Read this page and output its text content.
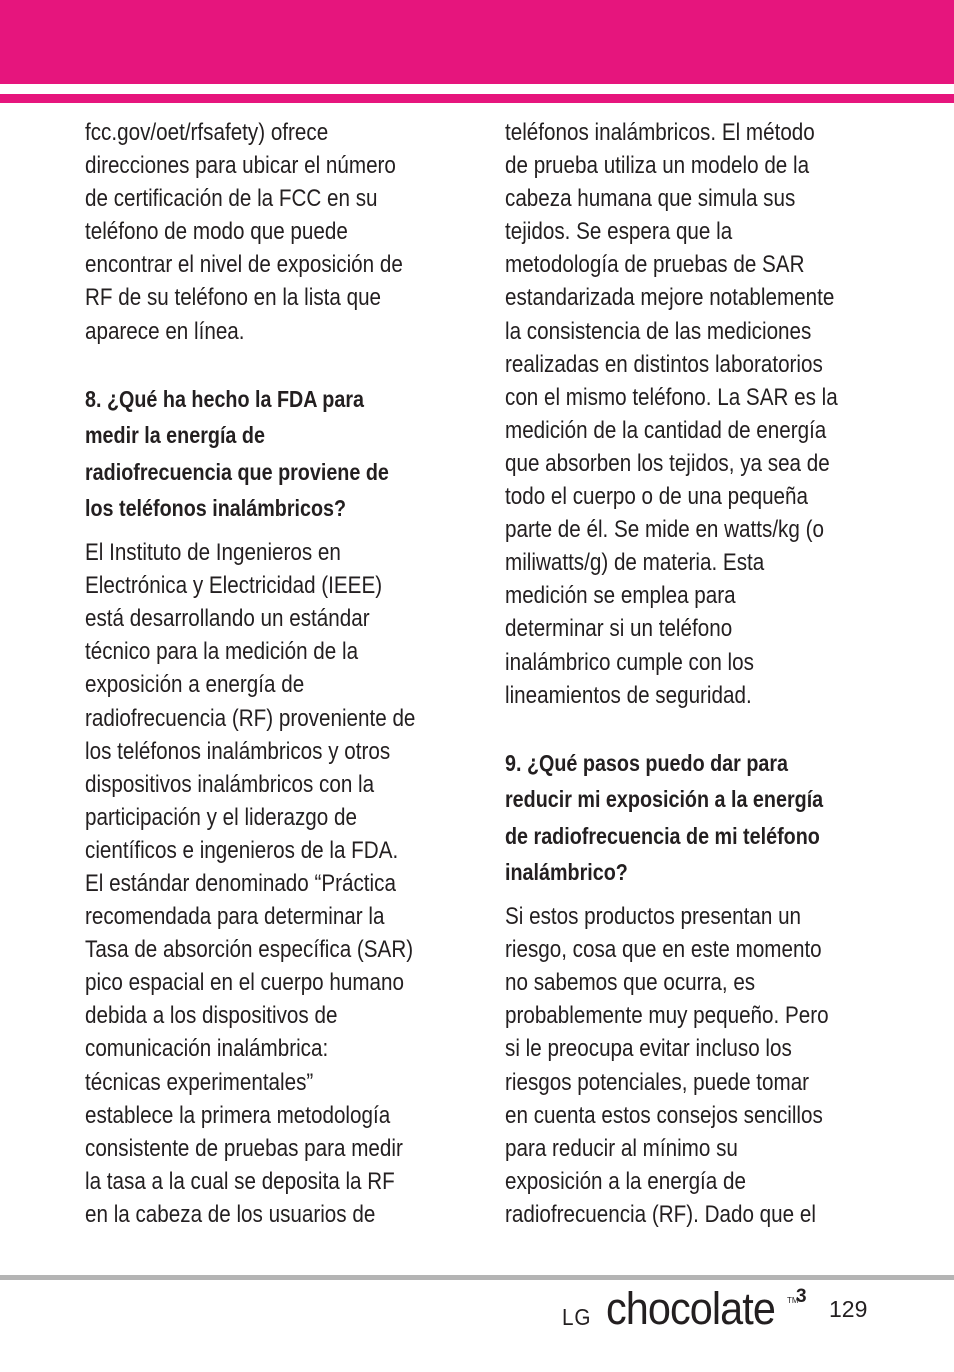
fcc.gov/oet/rfsafety) ofrece
direcciones para ubicar el número
de certificación de la FCC en su
teléfono de modo que puede
encontrar el nivel de exposición de
RF de su teléfono en la lista que
aparece en línea.

8. ¿Qué ha hecho la FDA para
medir la energía de
radiofrecuencia que proviene de
los teléfonos inalámbricos?

El Instituto de Ingenieros en
Electrónica y Electricidad (IEEE)
está desarrollando un estándar
técnico para la medición de la
exposición a energía de
radiofrecuencia (RF) proveniente de
los teléfonos inalámbricos y otros
dispositivos inalámbricos con la
participación y el liderazgo de
científicos e ingenieros de la FDA.
El estándar denominado “Práctica
recomendada para determinar la
Tasa de absorción específica (SAR)
pico espacial en el cuerpo humano
debida a los dispositivos de
comunicación inalámbrica:
técnicas experimentales”
establece la primera metodología
consistente de pruebas para medir
la tasa a la cual se deposita la RF
en la cabeza de los usuarios de

teléfonos inalámbricos. El método
de prueba utiliza un modelo de la
cabeza humana que simula sus
tejidos. Se espera que la
metodología de pruebas de SAR
estandarizada mejore notablemente
la consistencia de las mediciones
realizadas en distintos laboratorios
con el mismo teléfono. La SAR es la
medición de la cantidad de energía
que absorben los tejidos, ya sea de
todo el cuerpo o de una pequeña
parte de él. Se mide en watts/kg (o
miliwatts/g) de materia. Esta
medición se emplea para
determinar si un teléfono
inalámbrico cumple con los
lineamientos de seguridad.

9. ¿Qué pasos puedo dar para
reducir mi exposición a la energía
de radiofrecuencia de mi teléfono
inalámbrico?

Si estos productos presentan un
riesgo, cosa que en este momento
no sabemos que ocurra, es
probablemente muy pequeño. Pero
si le preocupa evitar incluso los
riesgos potenciales, puede tomar
en cuenta estos consejos sencillos
para reducir al mínimo su
exposición a la energía de
radiofrecuencia (RF). Dado que el

LG chocolate TM
3 129
